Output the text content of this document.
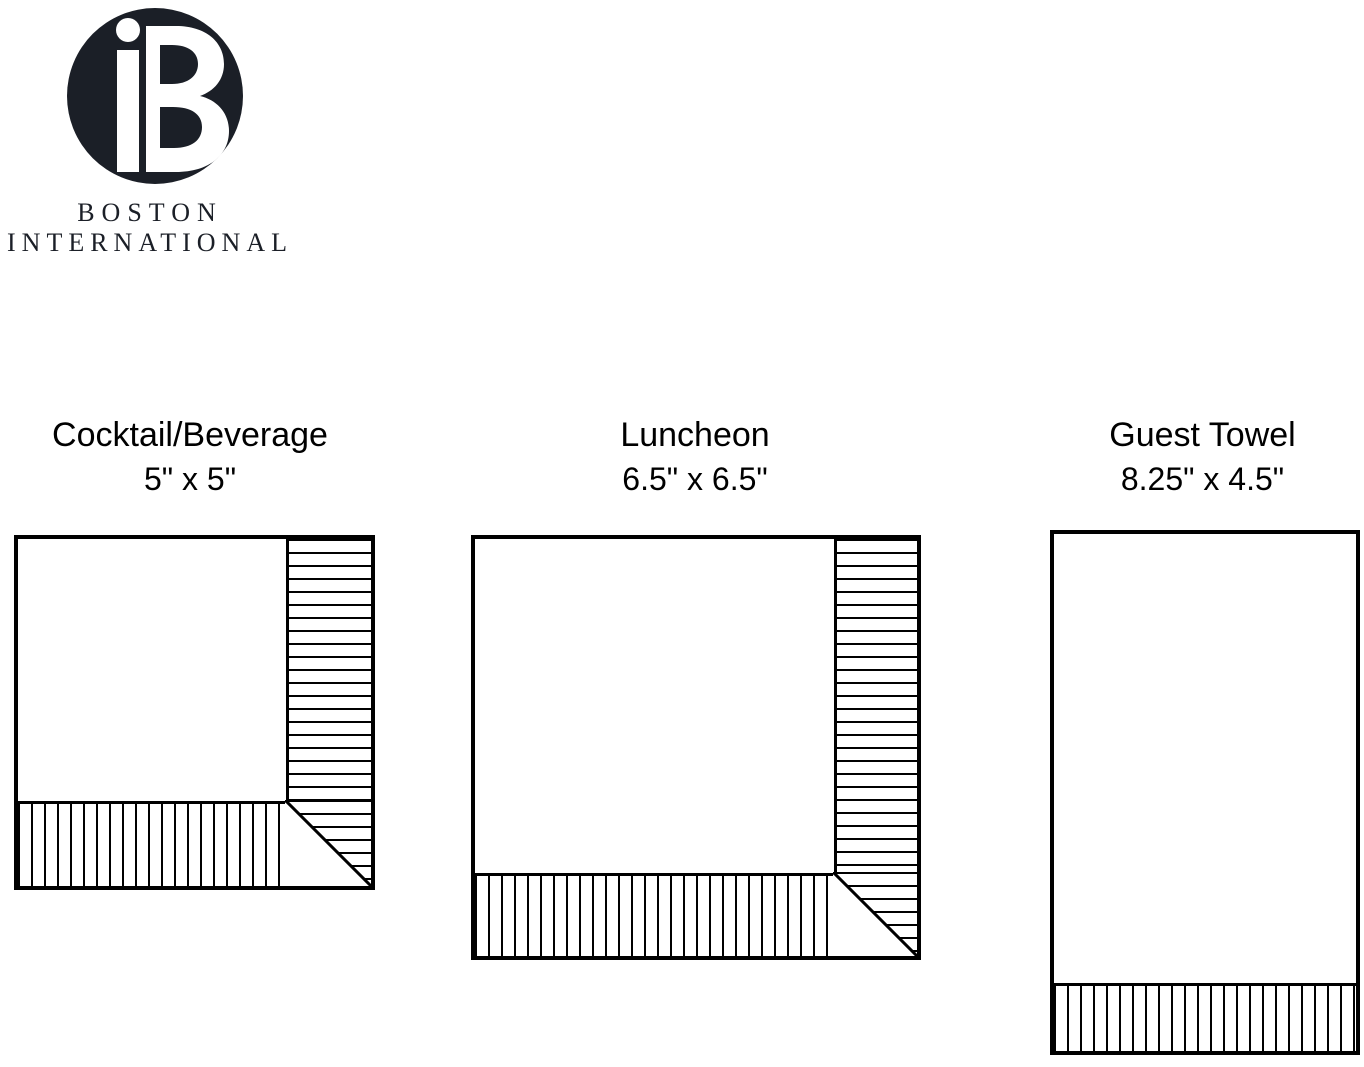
BOSTON
INTERNATIONAL
Cocktail/Beverage
5" x 5"
Luncheon
6.5" x 6.5"
Guest Towel
8.25" x 4.5"
